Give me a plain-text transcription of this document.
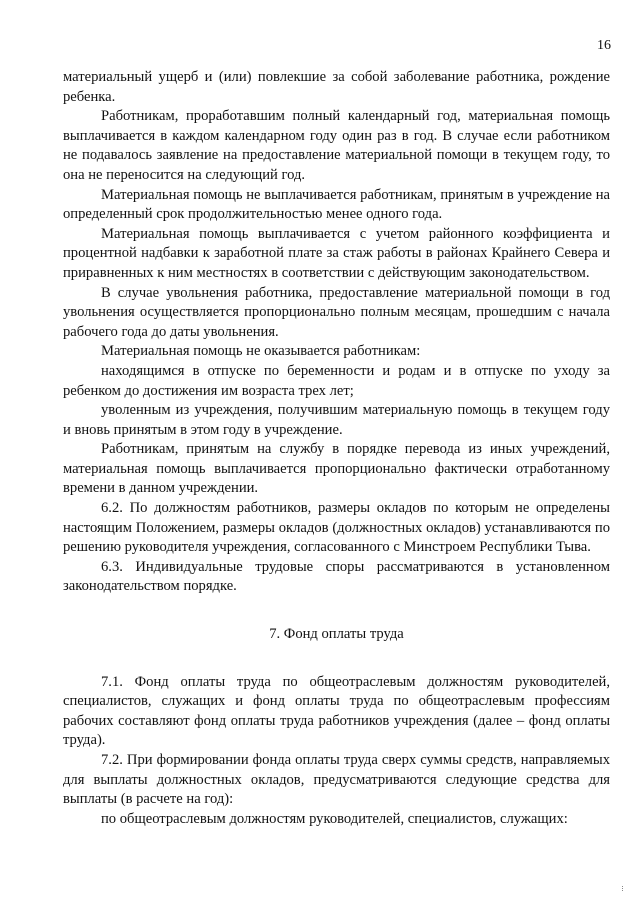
16

материальный ущерб и (или) повлекшие за собой заболевание работника, рождение ребенка.

Работникам, проработавшим полный календарный год, материальная помощь выплачивается в каждом календарном году один раз в год. В случае если работником не подавалось заявление на предоставление материальной помощи в текущем году, то она не переносится на следующий год.

Материальная помощь не выплачивается работникам, принятым в учреждение на определенный срок продолжительностью менее одного года.

Материальная помощь выплачивается с учетом районного коэффициента и процентной надбавки к заработной плате за стаж работы в районах Крайнего Севера и приравненных к ним местностях в соответствии с действующим законодательством.

В случае увольнения работника, предоставление материальной помощи в год увольнения осуществляется пропорционально полным месяцам, прошедшим с начала рабочего года до даты увольнения.

Материальная помощь не оказывается работникам:

находящимся в отпуске по беременности и родам и в отпуске по уходу за ребенком до достижения им возраста трех лет;

уволенным из учреждения, получившим материальную помощь в текущем году и вновь принятым в этом году в учреждение.

Работникам, принятым на службу в порядке перевода из иных учреждений, материальная помощь выплачивается пропорционально фактически отработанному времени в данном учреждении.

6.2. По должностям работников, размеры окладов по которым не определены настоящим Положением, размеры окладов (должностных окладов) устанавливаются по решению руководителя учреждения, согласованного с Минстроем Республики Тыва.

6.3. Индивидуальные трудовые споры рассматриваются в установленном законодательством порядке.

7. Фонд оплаты труда

7.1. Фонд оплаты труда по общеотраслевым должностям руководителей, специалистов, служащих и фонд оплаты труда по общеотраслевым профессиям рабочих составляют фонд оплаты труда работников учреждения (далее – фонд оплаты труда).

7.2. При формировании фонда оплаты труда сверх суммы средств, направляемых для выплаты должностных окладов, предусматриваются следующие средства для выплаты (в расчете на год):

по общеотраслевым должностям руководителей, специалистов, служащих:
